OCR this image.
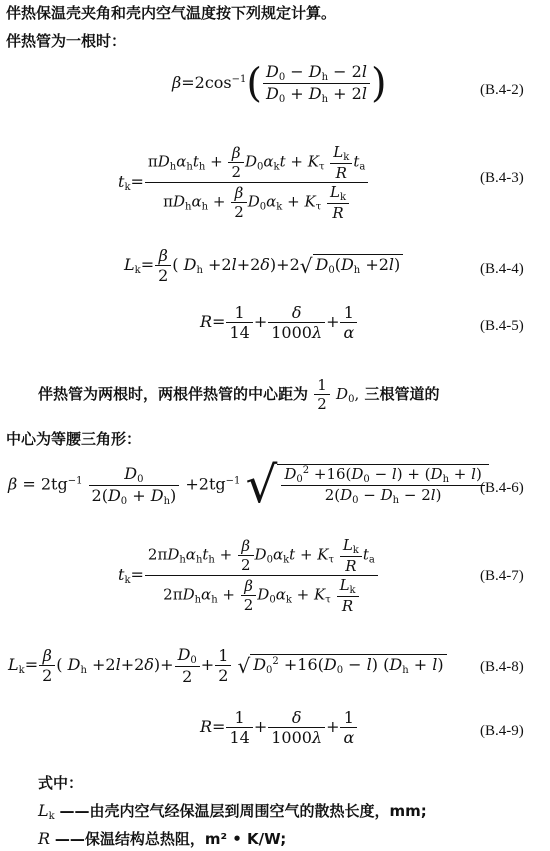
伴热保温壳夹角和壳内空气温度按下列规定计算。
伴热管为一根时：
$\beta=2\cos^{-1}( \frac{D_0 - D_h - 2l}{D_0 + D_h + 2l}$ )	(B.4-2)
$t_k= \frac{\pi D_h\alpha_ht_h + \frac{\beta}{2} D_0\alpha_kt + K_\tau \frac{L_k}{R} t_a}{\pi D_h\alpha_h + \frac{\beta}{2} D_0\alpha_k + K_\tau \frac{L_k}{R}}$	(B.4-3)
$L_k= \frac{\beta}{2}$ ( $D_h +2l+2\delta)+2√$ $D_0(D_h +2l)$	(B.4-4)
$R= \frac{1}{14} + \frac{\delta}{1000\lambda} + \frac{1}{\alpha}$	(B.4-5)
伴热管为两根时，两根伴热管的中心距为 $\frac{1}{2} D_0$, 三根管道的
中心为等腰三角形：
$\beta = 2tg^{-1} \frac{D_0}{2(D_0 + D_h)} +2tg^{-1}$ √ $\frac{D_0^2 +16(D_0 - l) + (D_h + l)}{2(D_0 - D_h - 2l)}$
(B.4-6)
$t_k= \frac{2\pi D_h\alpha_ht_h + \frac{\beta}{2} D_0\alpha_kt + K_\tau \frac{L_k}{R} t_a}{2\pi D_h\alpha_h + \frac{\beta}{2} D_0\alpha_k + K_\tau \frac{L_k}{R}}$	(B.4-7)
$L_k= \frac{\beta}{2}$ ( $D_h +2l+2\delta)+ \frac{D_0}{2} + \frac{1}{2}$ √ $D_0^2 +16(D_0 - l) (D_h + l)$ (B.4-8)
$R= \frac{1}{14} + \frac{\delta}{1000\lambda} + \frac{1}{\alpha}$	(B.4-9)
式中：
$L_k$ ——由壳内空气经保温层到周围空气的散热长度，mm;
R ——保温结构总热阻，m² • K/W;
